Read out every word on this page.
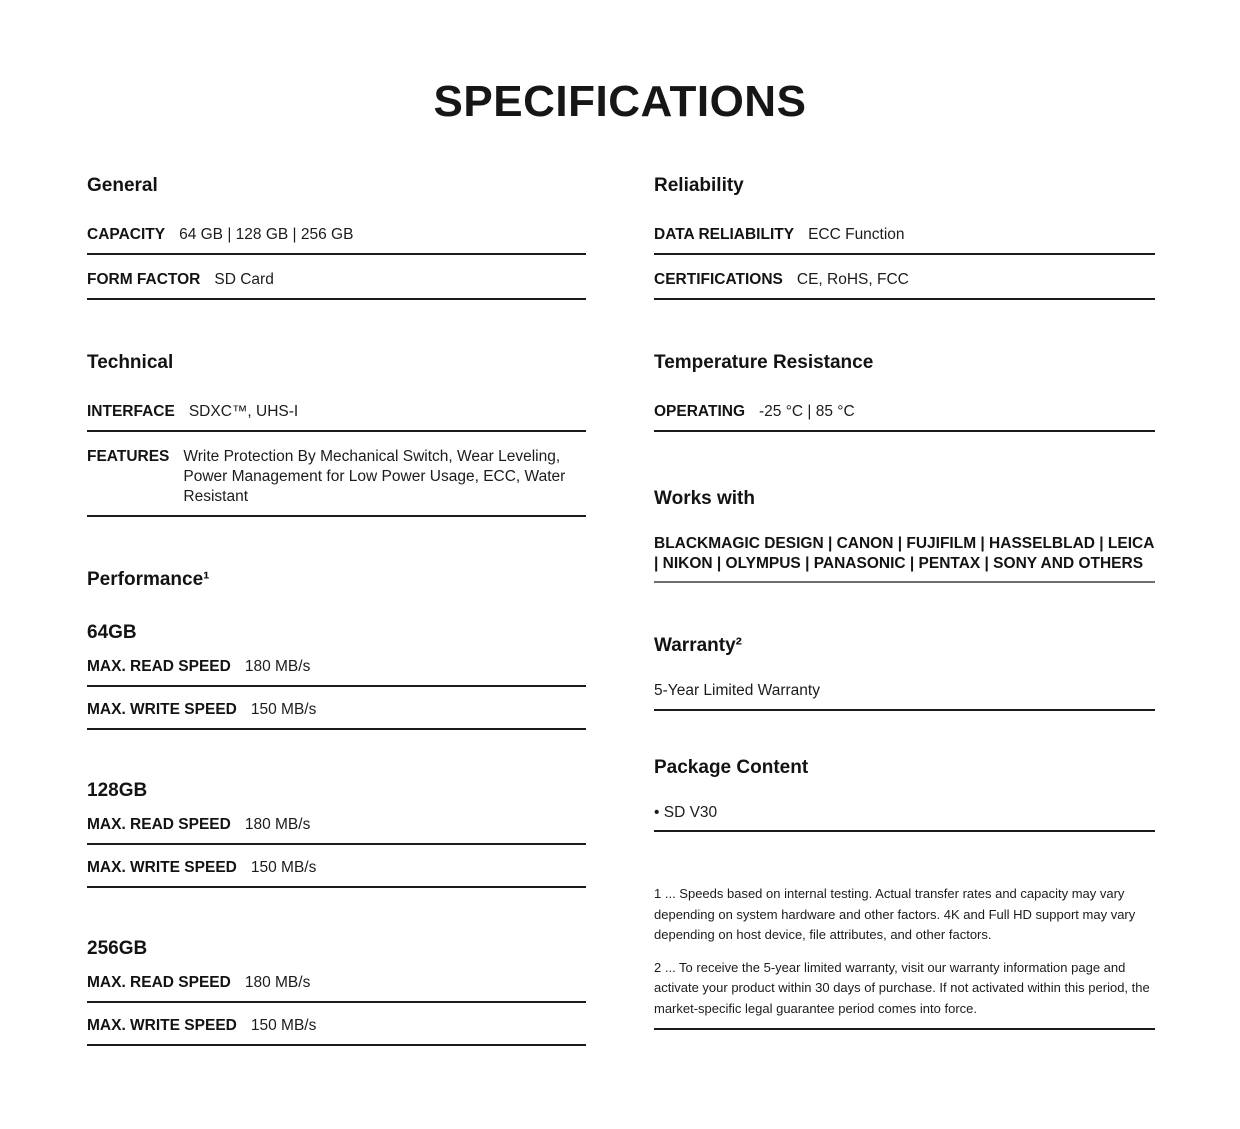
SPECIFICATIONS
General
CAPACITY 64 GB | 128 GB | 256 GB
FORM FACTOR SD Card
Technical
INTERFACE SDXC™, UHS-I
FEATURES Write Protection By Mechanical Switch, Wear Leveling, Power Management for Low Power Usage, ECC, Water Resistant
Performance¹
64GB
MAX. READ SPEED 180 MB/s
MAX. WRITE SPEED 150 MB/s
128GB
MAX. READ SPEED 180 MB/s
MAX. WRITE SPEED 150 MB/s
256GB
MAX. READ SPEED 180 MB/s
MAX. WRITE SPEED 150 MB/s
Reliability
DATA RELIABILITY ECC Function
CERTIFICATIONS CE, RoHS, FCC
Temperature Resistance
OPERATING -25 °C | 85 °C
Works with

BLACKMAGIC DESIGN | CANON | FUJIFILM | HASSELBLAD | LEICA | NIKON | OLYMPUS | PANASONIC | PENTAX | SONY AND OTHERS

Warranty²

5-Year Limited Warranty

Package Content

• SD V30

1 ... Speeds based on internal testing. Actual transfer rates and capacity may vary depending on system hardware and other factors. 4K and Full HD support may vary depending on host device, file attributes, and other factors.

2 ... To receive the 5-year limited warranty, visit our warranty information page and activate your product within 30 days of purchase. If not activated within this period, the market-specific legal guarantee period comes into force.
